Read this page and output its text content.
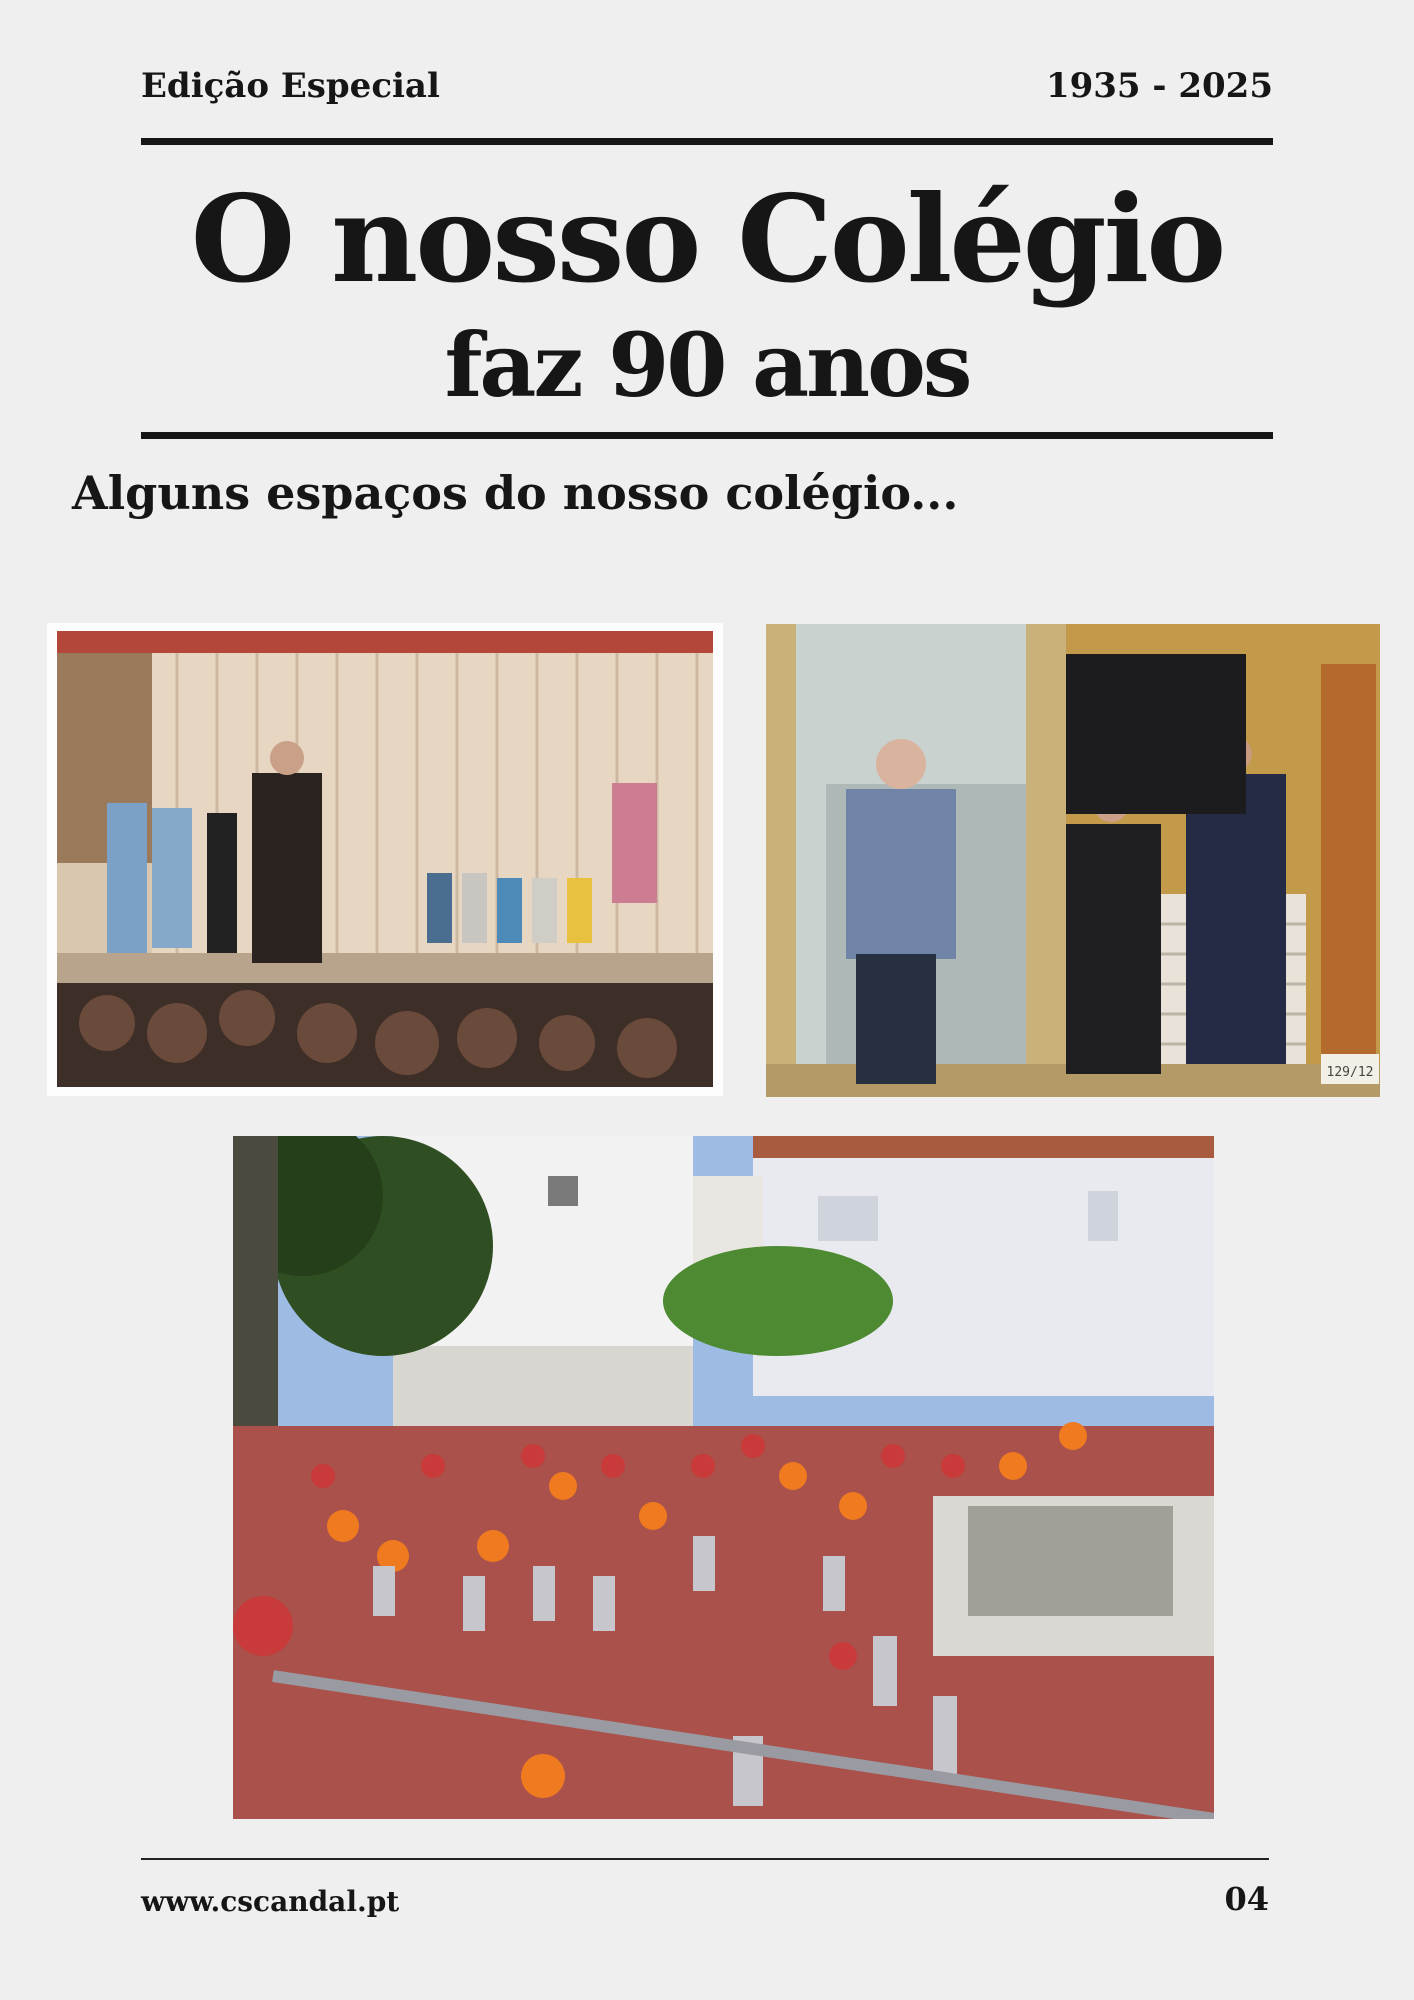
Edição Especial	1935 - 2025
O nosso Colégio
faz 90 anos
Alguns espaços do nosso colégio...
129/12
www.cscandal.pt	04
